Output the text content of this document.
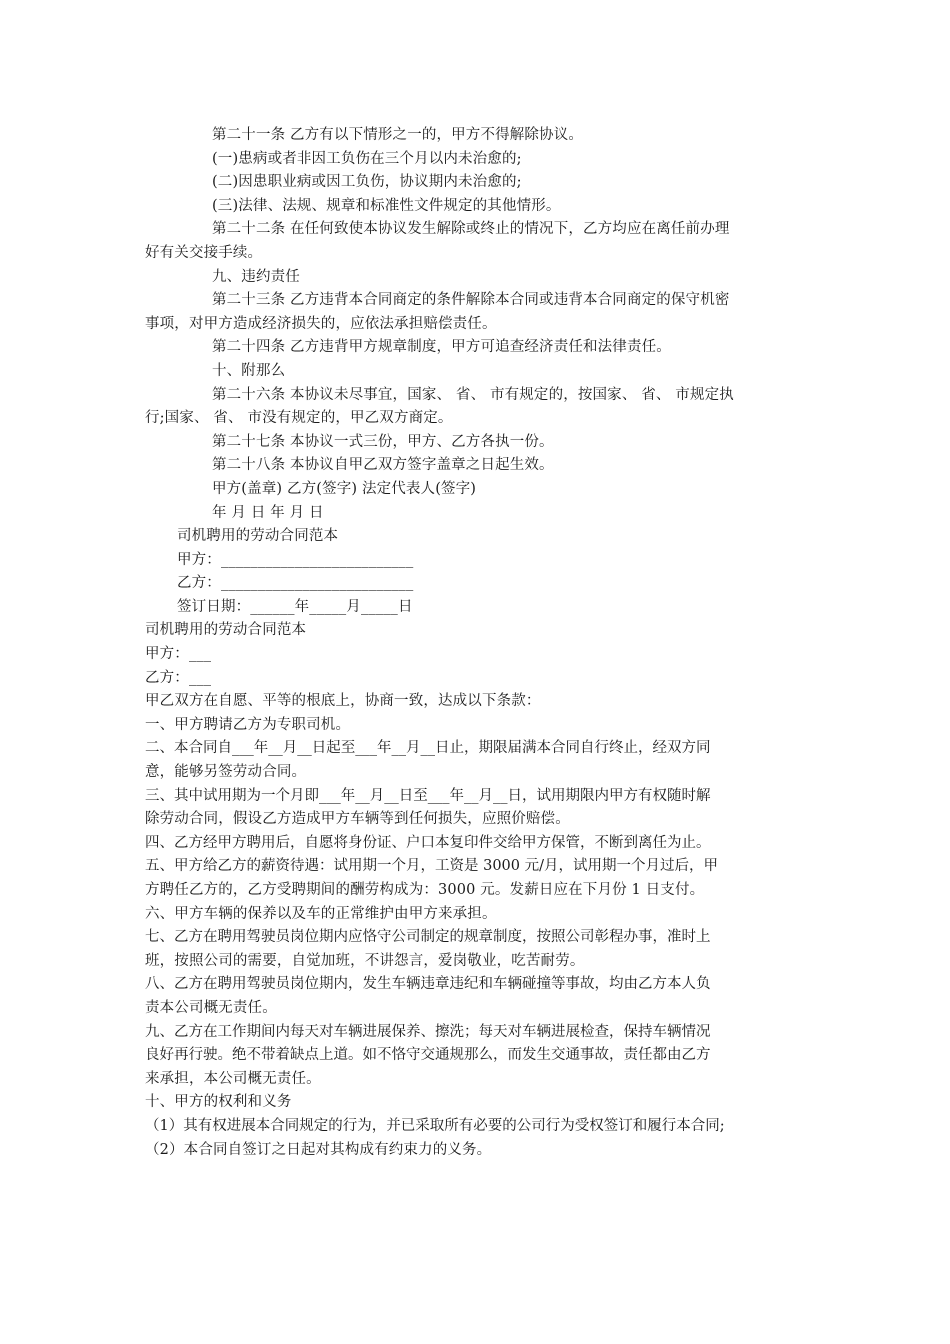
第二十一条 乙方有以下情形之一的，甲方不得解除协议。
(一)患病或者非因工负伤在三个月以内未治愈的;
(二)因患职业病或因工负伤，协议期内未治愈的;
(三)法律、法规、规章和标准性文件规定的其他情形。
第二十二条 在任何致使本协议发生解除或终止的情况下，乙方均应在离任前办理
好有关交接手续。
九、违约责任
第二十三条 乙方违背本合同商定的条件解除本合同或违背本合同商定的保守机密
事项，对甲方造成经济损失的，应依法承担赔偿责任。
第二十四条 乙方违背甲方规章制度，甲方可追查经济责任和法律责任。
十、附那么
第二十六条 本协议未尽事宜，国家、 省、 市有规定的，按国家、 省、 市规定执
行;国家、 省、 市没有规定的，甲乙双方商定。
第二十七条 本协议一式三份，甲方、乙方各执一份。
第二十八条 本协议自甲乙双方签字盖章之日起生效。
甲方(盖章) 乙方(签字) 法定代表人(签字)
年 月 日 年 月 日
司机聘用的劳动合同范本
甲方：__________________________
乙方：__________________________
签订日期：______年_____月_____日
司机聘用的劳动合同范本
甲方：___
乙方：___
甲乙双方在自愿、平等的根底上，协商一致，达成以下条款：
一、甲方聘请乙方为专职司机。
二、本合同自___年__月__日起至___年__月__日止，期限届满本合同自行终止，经双方同
意，能够另签劳动合同。
三、其中试用期为一个月即___年__月__日至___年__月__日，试用期限内甲方有权随时解
除劳动合同，假设乙方造成甲方车辆等到任何损失，应照价赔偿。
四、乙方经甲方聘用后，自愿将身份证、户口本复印件交给甲方保管，不断到离任为止。
五、甲方给乙方的薪资待遇：试用期一个月，工资是 3000 元/月，试用期一个月过后，甲
方聘任乙方的，乙方受聘期间的酬劳构成为：3000 元。发薪日应在下月份 1 日支付。
六、甲方车辆的保养以及车的正常维护由甲方来承担。
七、乙方在聘用驾驶员岗位期内应恪守公司制定的规章制度，按照公司彰程办事，准时上
班，按照公司的需要，自觉加班，不讲怨言，爱岗敬业，吃苦耐劳。
八、乙方在聘用驾驶员岗位期内，发生车辆违章违纪和车辆碰撞等事故，均由乙方本人负
责本公司概无责任。
九、乙方在工作期间内每天对车辆进展保养、擦洗；每天对车辆进展检查，保持车辆情况
良好再行驶。绝不带着缺点上道。如不恪守交通规那么，而发生交通事故，责任都由乙方
来承担，本公司概无责任。
十、甲方的权利和义务
（1）其有权进展本合同规定的行为，并已采取所有必要的公司行为受权签订和履行本合同;
（2）本合同自签订之日起对其构成有约束力的义务。
